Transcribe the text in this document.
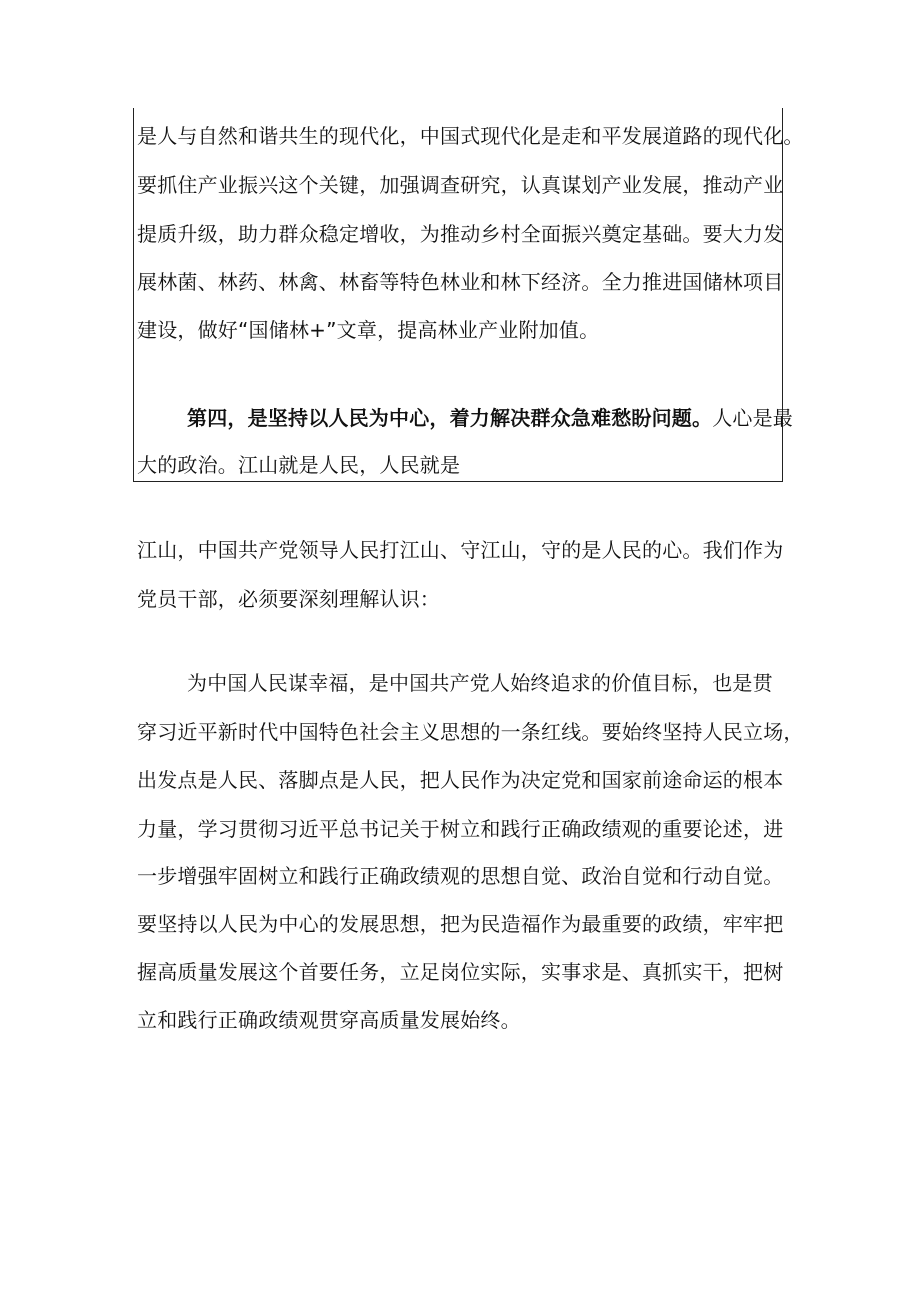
是人与自然和谐共生的现代化，中国式现代化是走和平发展道路的现代化。
要抓住产业振兴这个关键，加强调查研究，认真谋划产业发展，推动产业
提质升级，助力群众稳定增收，为推动乡村全面振兴奠定基础。要大力发
展林菌、林药、林禽、林畜等特色林业和林下经济。全力推进国储林项目
建设，做好“国储林+”文章，提高林业产业附加值。
第四，是坚持以人民为中心，着力解决群众急难愁盼问题。人心是最
大的政治。江山就是人民，人民就是
江山，中国共产党领导人民打江山、守江山，守的是人民的心。我们作为
党员干部，必须要深刻理解认识：
为中国人民谋幸福，是中国共产党人始终追求的价值目标，也是贯
穿习近平新时代中国特色社会主义思想的一条红线。要始终坚持人民立场，
出发点是人民、落脚点是人民，把人民作为决定党和国家前途命运的根本
力量，学习贯彻习近平总书记关于树立和践行正确政绩观的重要论述，进
一步增强牢固树立和践行正确政绩观的思想自觉、政治自觉和行动自觉。
要坚持以人民为中心的发展思想，把为民造福作为最重要的政绩，牢牢把
握高质量发展这个首要任务，立足岗位实际，实事求是、真抓实干，把树
立和践行正确政绩观贯穿高质量发展始终。
